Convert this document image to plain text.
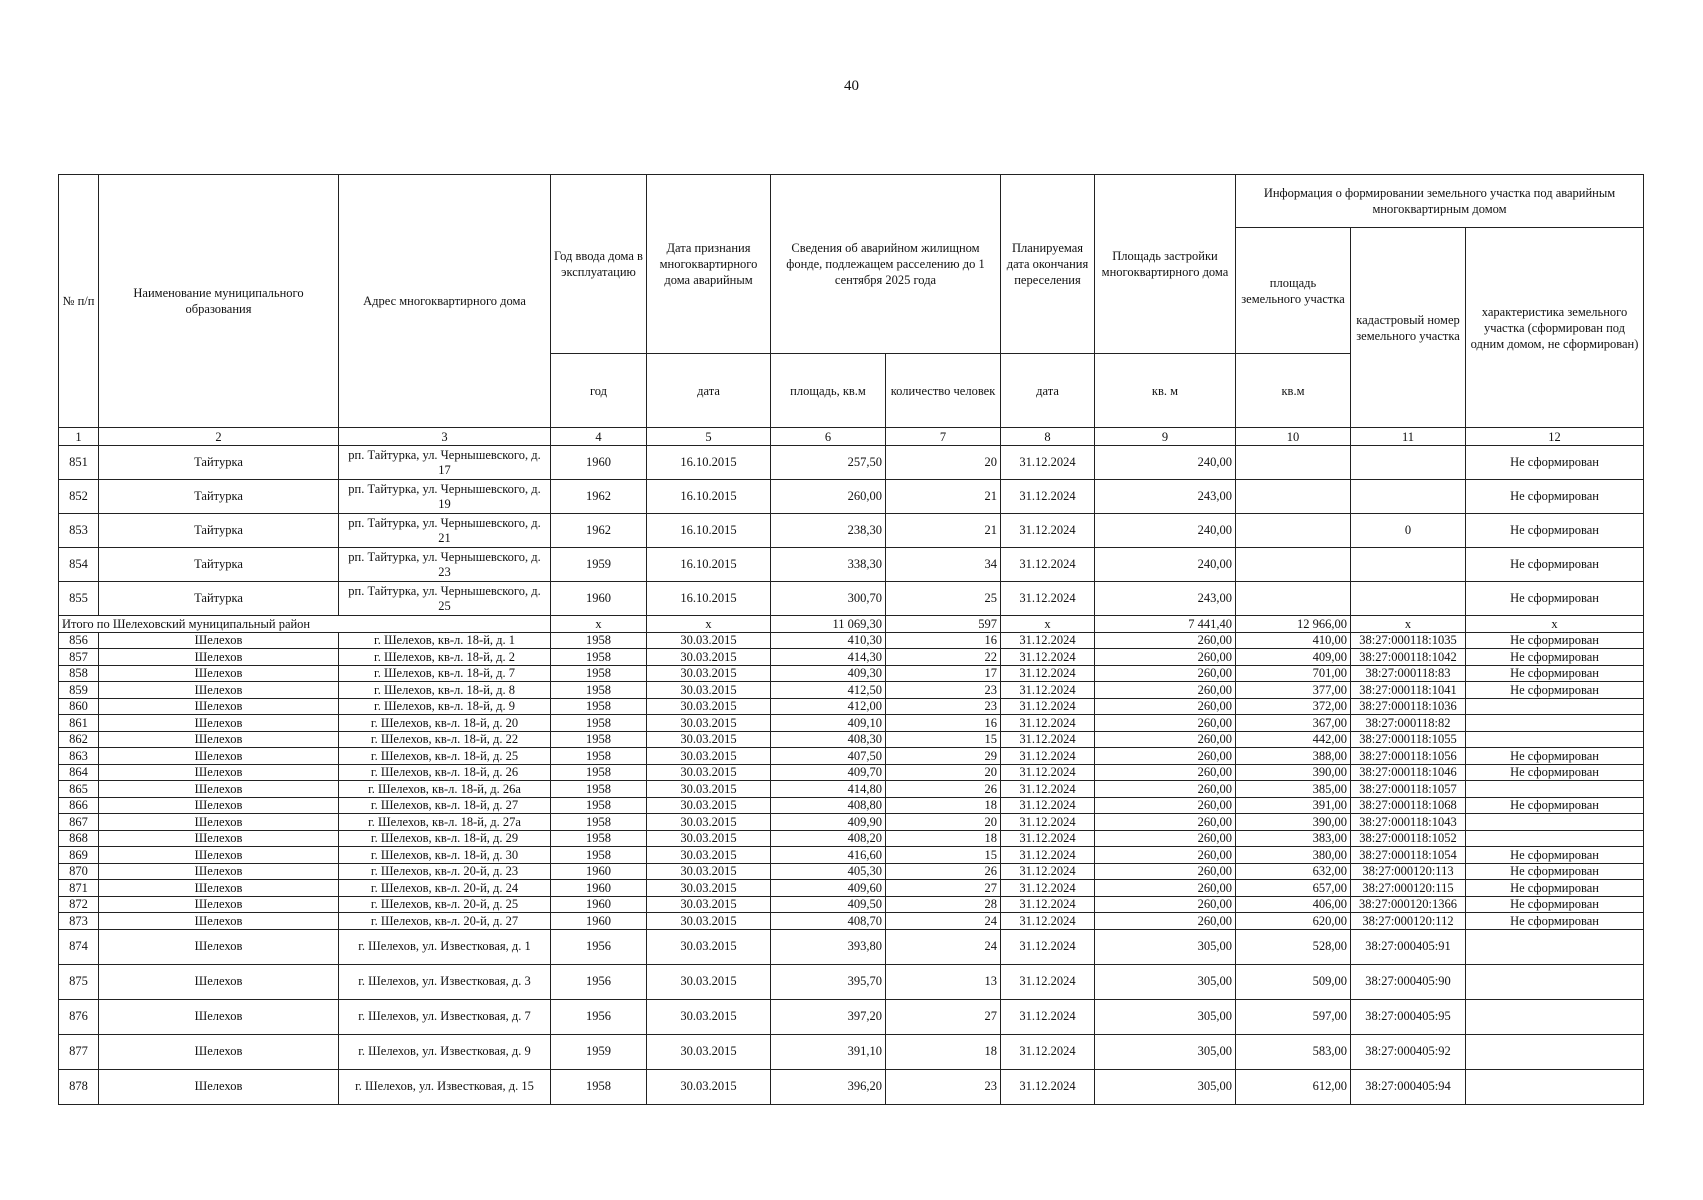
40
№ п/п	Наименование муниципального образования	Адрес многоквартирного дома	Год ввода дома в эксплуатацию	Дата признания многоквартирного дома аварийным	Сведения об аварийном жилищном фонде, подлежащем расселению до 1 сентября 2025 года		Планируемая дата окончания переселения	Площадь застройки многоквартирного дома	Информация о формировании земельного участка под аварийным многоквартирным домом		
									площадь земельного участка	кадастровый номер земельного участка	характеристика земельного участка (сформирован под одним домом, не сформирован)
			год	дата	площадь, кв.м	количество человек	дата	кв. м	кв.м		
1	2	3	4	5	6	7	8	9	10	11	12
851	Тайтурка	рп. Тайтурка, ул. Чернышевского, д. 17	1960	16.10.2015	257,50	20	31.12.2024	240,00			Не сформирован
852	Тайтурка	рп. Тайтурка, ул. Чернышевского, д. 19	1962	16.10.2015	260,00	21	31.12.2024	243,00			Не сформирован
853	Тайтурка	рп. Тайтурка, ул. Чернышевского, д. 21	1962	16.10.2015	238,30	21	31.12.2024	240,00		0	Не сформирован
854	Тайтурка	рп. Тайтурка, ул. Чернышевского, д. 23	1959	16.10.2015	338,30	34	31.12.2024	240,00			Не сформирован
855	Тайтурка	рп. Тайтурка, ул. Чернышевского, д. 25	1960	16.10.2015	300,70	25	31.12.2024	243,00			Не сформирован
Итого по Шелеховский муниципальный район			x	x	11 069,30	597	x	7 441,40	12 966,00	x	x
856	Шелехов	г. Шелехов, кв-л. 18-й, д. 1	1958	30.03.2015	410,30	16	31.12.2024	260,00	410,00	38:27:000118:1035	Не сформирован
857	Шелехов	г. Шелехов, кв-л. 18-й, д. 2	1958	30.03.2015	414,30	22	31.12.2024	260,00	409,00	38:27:000118:1042	Не сформирован
858	Шелехов	г. Шелехов, кв-л. 18-й, д. 7	1958	30.03.2015	409,30	17	31.12.2024	260,00	701,00	38:27:000118:83	Не сформирован
859	Шелехов	г. Шелехов, кв-л. 18-й, д. 8	1958	30.03.2015	412,50	23	31.12.2024	260,00	377,00	38:27:000118:1041	Не сформирован
860	Шелехов	г. Шелехов, кв-л. 18-й, д. 9	1958	30.03.2015	412,00	23	31.12.2024	260,00	372,00	38:27:000118:1036	
861	Шелехов	г. Шелехов, кв-л. 18-й, д. 20	1958	30.03.2015	409,10	16	31.12.2024	260,00	367,00	38:27:000118:82	
862	Шелехов	г. Шелехов, кв-л. 18-й, д. 22	1958	30.03.2015	408,30	15	31.12.2024	260,00	442,00	38:27:000118:1055	
863	Шелехов	г. Шелехов, кв-л. 18-й, д. 25	1958	30.03.2015	407,50	29	31.12.2024	260,00	388,00	38:27:000118:1056	Не сформирован
864	Шелехов	г. Шелехов, кв-л. 18-й, д. 26	1958	30.03.2015	409,70	20	31.12.2024	260,00	390,00	38:27:000118:1046	Не сформирован
865	Шелехов	г. Шелехов, кв-л. 18-й, д. 26а	1958	30.03.2015	414,80	26	31.12.2024	260,00	385,00	38:27:000118:1057	
866	Шелехов	г. Шелехов, кв-л. 18-й, д. 27	1958	30.03.2015	408,80	18	31.12.2024	260,00	391,00	38:27:000118:1068	Не сформирован
867	Шелехов	г. Шелехов, кв-л. 18-й, д. 27а	1958	30.03.2015	409,90	20	31.12.2024	260,00	390,00	38:27:000118:1043	
868	Шелехов	г. Шелехов, кв-л. 18-й, д. 29	1958	30.03.2015	408,20	18	31.12.2024	260,00	383,00	38:27:000118:1052	
869	Шелехов	г. Шелехов, кв-л. 18-й, д. 30	1958	30.03.2015	416,60	15	31.12.2024	260,00	380,00	38:27:000118:1054	Не сформирован
870	Шелехов	г. Шелехов, кв-л. 20-й, д. 23	1960	30.03.2015	405,30	26	31.12.2024	260,00	632,00	38:27:000120:113	Не сформирован
871	Шелехов	г. Шелехов, кв-л. 20-й, д. 24	1960	30.03.2015	409,60	27	31.12.2024	260,00	657,00	38:27:000120:115	Не сформирован
872	Шелехов	г. Шелехов, кв-л. 20-й, д. 25	1960	30.03.2015	409,50	28	31.12.2024	260,00	406,00	38:27:000120:1366	Не сформирован
873	Шелехов	г. Шелехов, кв-л. 20-й, д. 27	1960	30.03.2015	408,70	24	31.12.2024	260,00	620,00	38:27:000120:112	Не сформирован
874	Шелехов	г. Шелехов, ул. Известковая, д. 1	1956	30.03.2015	393,80	24	31.12.2024	305,00	528,00	38:27:000405:91	
875	Шелехов	г. Шелехов, ул. Известковая, д. 3	1956	30.03.2015	395,70	13	31.12.2024	305,00	509,00	38:27:000405:90	
876	Шелехов	г. Шелехов, ул. Известковая, д. 7	1956	30.03.2015	397,20	27	31.12.2024	305,00	597,00	38:27:000405:95	
877	Шелехов	г. Шелехов, ул. Известковая, д. 9	1959	30.03.2015	391,10	18	31.12.2024	305,00	583,00	38:27:000405:92	
878	Шелехов	г. Шелехов, ул. Известковая, д. 15	1958	30.03.2015	396,20	23	31.12.2024	305,00	612,00	38:27:000405:94	
